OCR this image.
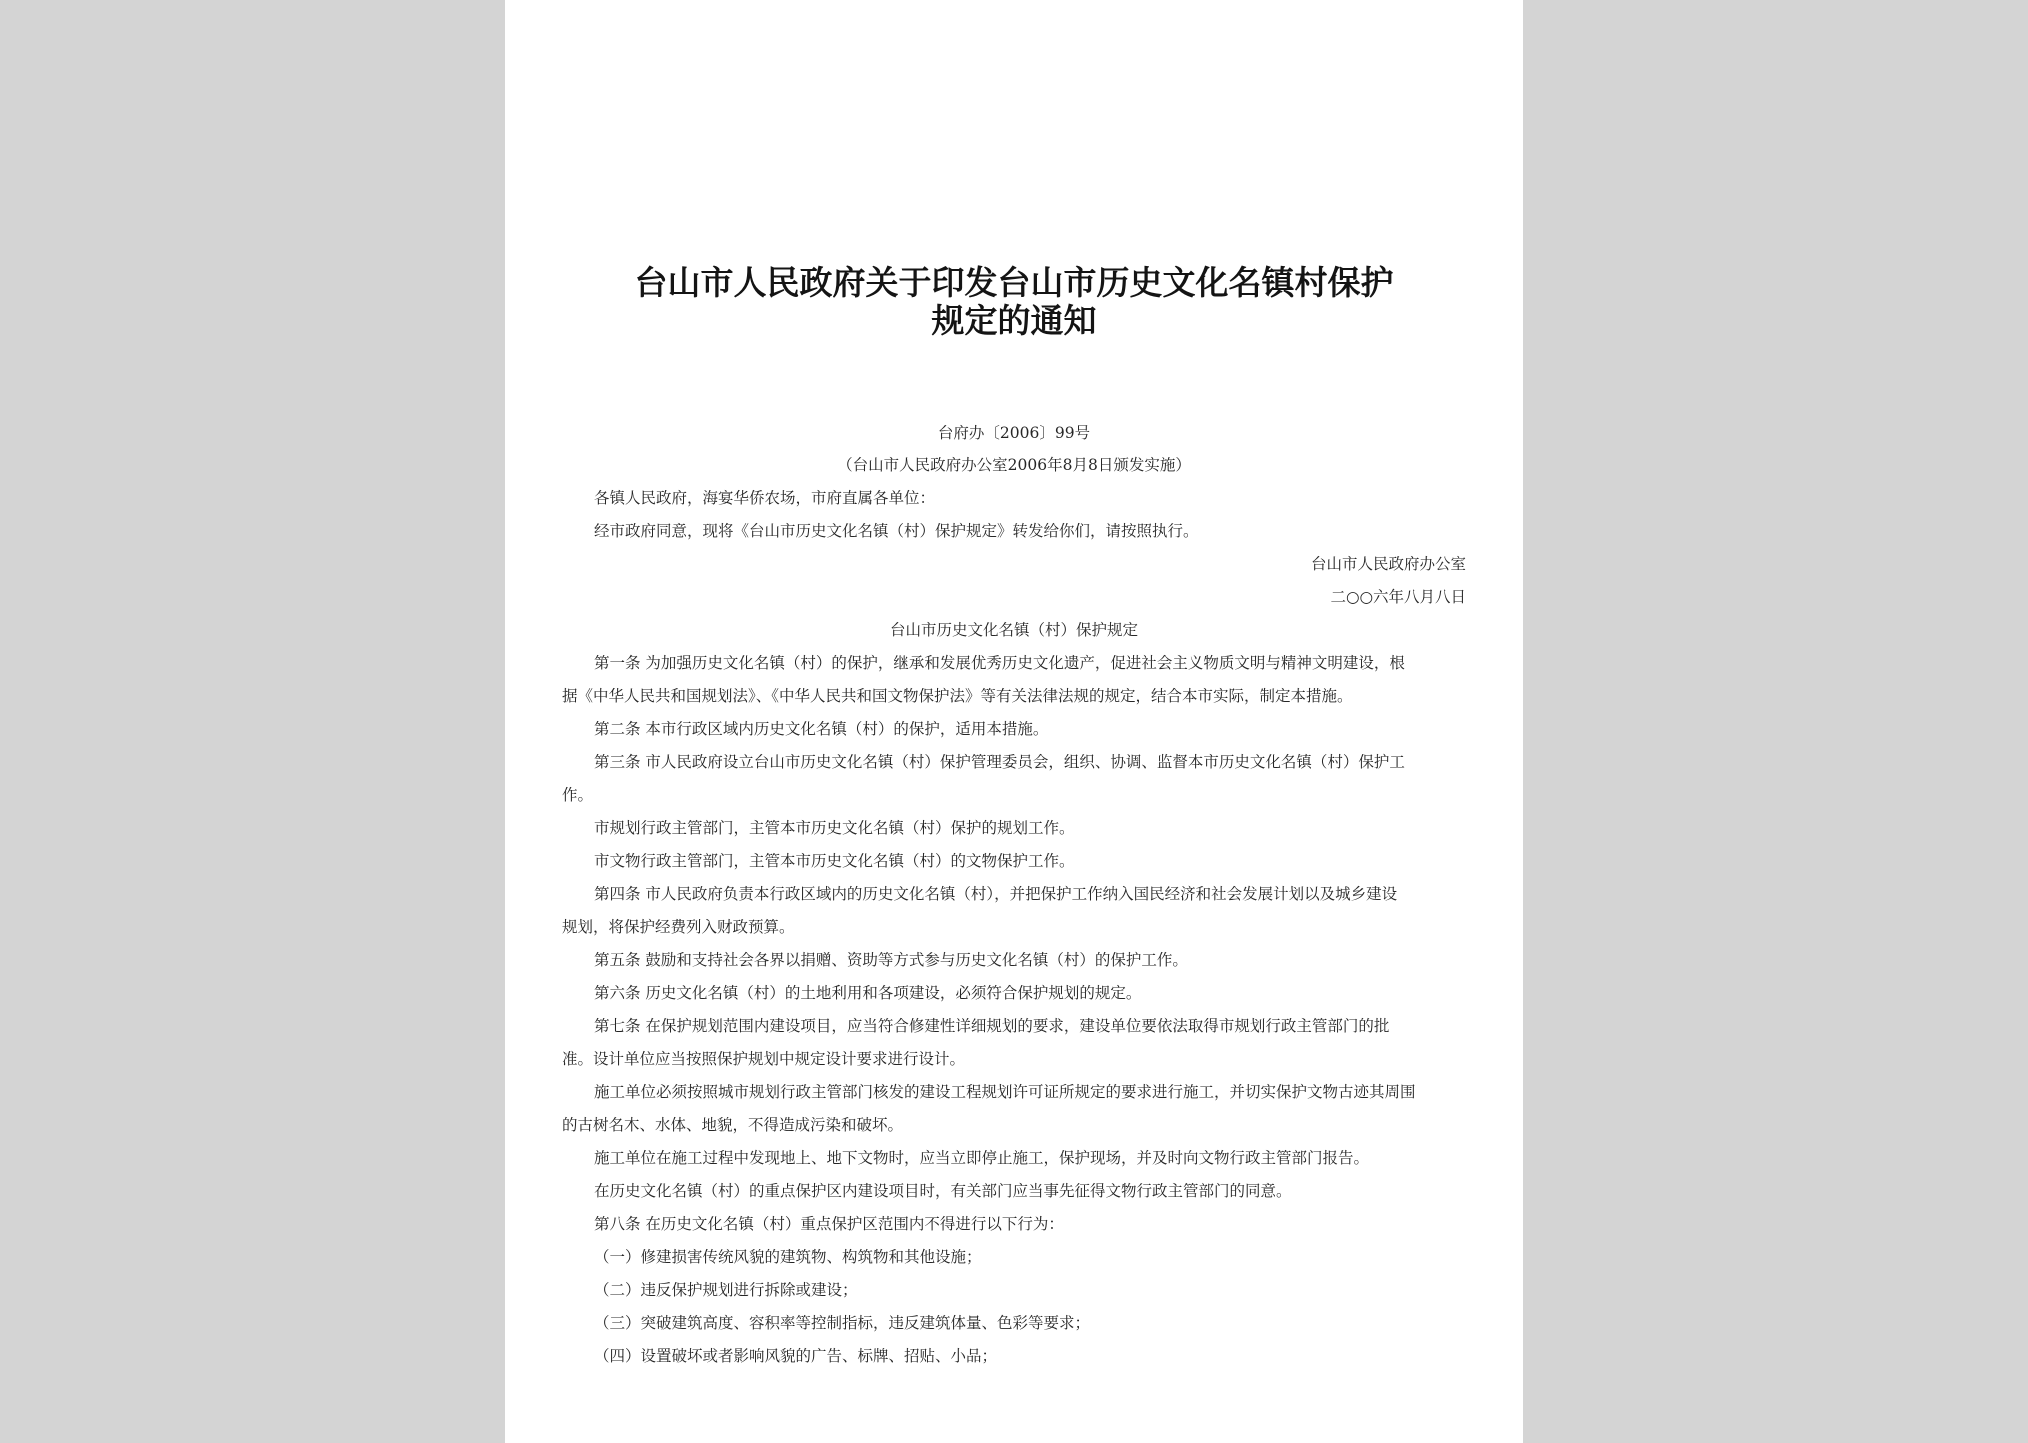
台山市人民政府关于印发台山市历史文化名镇村保护
规定的通知
台府办〔2006〕99号
（台山市人民政府办公室2006年8月8日颁发实施）
各镇人民政府，海宴华侨农场，市府直属各单位：
经市政府同意，现将《台山市历史文化名镇（村）保护规定》转发给你们，请按照执行。
台山市人民政府办公室
二○○六年八月八日
台山市历史文化名镇（村）保护规定
第一条 为加强历史文化名镇（村）的保护，继承和发展优秀历史文化遗产，促进社会主义物质文明与精神文明建设，根
据《中华人民共和国规划法》、《中华人民共和国文物保护法》等有关法律法规的规定，结合本市实际，制定本措施。
第二条 本市行政区域内历史文化名镇（村）的保护，适用本措施。
第三条 市人民政府设立台山市历史文化名镇（村）保护管理委员会，组织、协调、监督本市历史文化名镇（村）保护工
作。
市规划行政主管部门，主管本市历史文化名镇（村）保护的规划工作。
市文物行政主管部门，主管本市历史文化名镇（村）的文物保护工作。
第四条 市人民政府负责本行政区域内的历史文化名镇（村），并把保护工作纳入国民经济和社会发展计划以及城乡建设
规划，将保护经费列入财政预算。
第五条 鼓励和支持社会各界以捐赠、资助等方式参与历史文化名镇（村）的保护工作。
第六条 历史文化名镇（村）的土地利用和各项建设，必须符合保护规划的规定。
第七条 在保护规划范围内建设项目，应当符合修建性详细规划的要求，建设单位要依法取得市规划行政主管部门的批
准。设计单位应当按照保护规划中规定设计要求进行设计。
施工单位必须按照城市规划行政主管部门核发的建设工程规划许可证所规定的要求进行施工，并切实保护文物古迹其周围
的古树名木、水体、地貌，不得造成污染和破坏。
施工单位在施工过程中发现地上、地下文物时，应当立即停止施工，保护现场，并及时向文物行政主管部门报告。
在历史文化名镇（村）的重点保护区内建设项目时，有关部门应当事先征得文物行政主管部门的同意。
第八条 在历史文化名镇（村）重点保护区范围内不得进行以下行为：
（一）修建损害传统风貌的建筑物、构筑物和其他设施；
（二）违反保护规划进行拆除或建设；
（三）突破建筑高度、容积率等控制指标，违反建筑体量、色彩等要求；
（四）设置破坏或者影响风貌的广告、标牌、招贴、小品；
